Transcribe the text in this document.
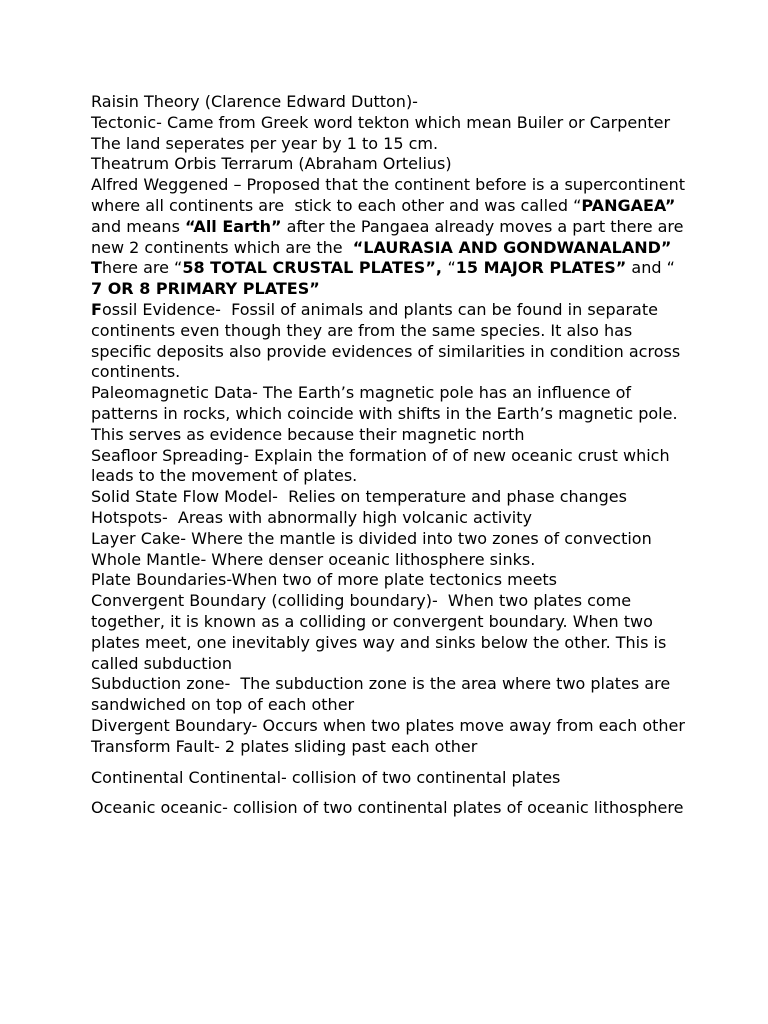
Raisin Theory (Clarence Edward Dutton)-

Tectonic- Came from Greek word tekton which mean Builer or Carpenter

The land seperates per year by 1 to 15 cm.

Theatrum Orbis Terrarum (Abraham Ortelius)

Alfred Weggened – Proposed that the continent before is a supercontinent where all continents are  stick to each other and was called “PANGAEA” and means “All Earth” after the Pangaea already moves a part there are new 2 continents which are the  “LAURASIA AND GONDWANALAND”

There are “58 TOTAL CRUSTAL PLATES”, “15 MAJOR PLATES” and “ 7 OR 8 PRIMARY PLATES”

Fossil Evidence-  Fossil of animals and plants can be found in separate continents even though they are from the same species. It also has specific deposits also provide evidences of similarities in condition across continents.

Paleomagnetic Data- The Earth’s magnetic pole has an influence of patterns in rocks, which coincide with shifts in the Earth’s magnetic pole. This serves as evidence because their magnetic north

Seafloor Spreading- Explain the formation of of new oceanic crust which leads to the movement of plates.

Solid State Flow Model-  Relies on temperature and phase changes

Hotspots-  Areas with abnormally high volcanic activity

Layer Cake- Where the mantle is divided into two zones of convection

Whole Mantle- Where denser oceanic lithosphere sinks.

Plate Boundaries-When two of more plate tectonics meets

Convergent Boundary (colliding boundary)-  When two plates come together, it is known as a colliding or convergent boundary. When two plates meet, one inevitably gives way and sinks below the other. This is called subduction

Subduction zone-  The subduction zone is the area where two plates are sandwiched on top of each other

Divergent Boundary- Occurs when two plates move away from each other

Transform Fault- 2 plates sliding past each other

Continental Continental- collision of two continental plates

Oceanic oceanic- collision of two continental plates of oceanic lithosphere
